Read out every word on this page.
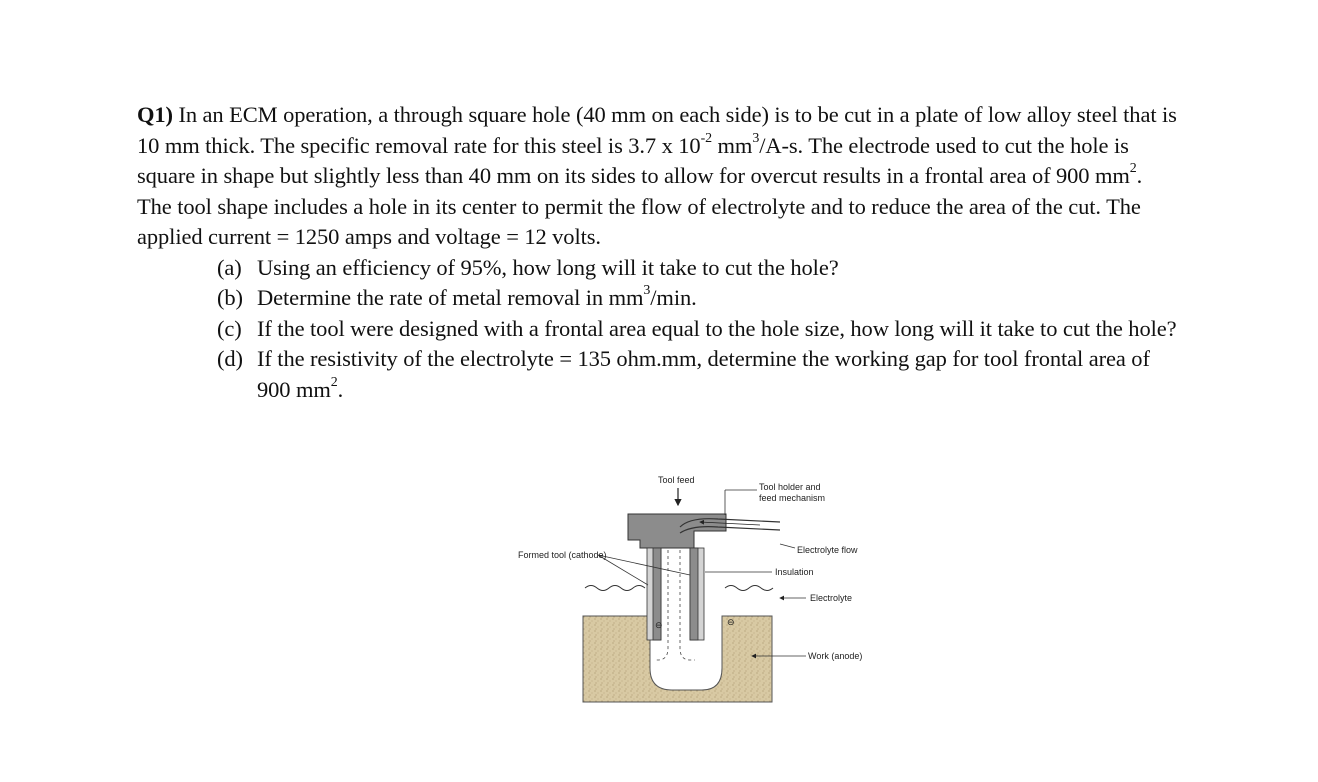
Q1) In an ECM operation, a through square hole (40 mm on each side) is to be cut in a plate of low alloy steel that is 10 mm thick. The specific removal rate for this steel is 3.7 x $10^{-2}$ $mm^3/A-s$. The electrode used to cut the hole is square in shape but slightly less than 40 mm on its sides to allow for overcut results in a frontal area of 900 $mm^2$. The tool shape includes a hole in its center to permit the flow of electrolyte and to reduce the area of the cut. The applied current = 1250 amps and voltage = 12 volts.

(a) Using an efficiency of 95%, how long will it take to cut the hole?
(b) Determine the rate of metal removal in $mm^3/\min$.
(c) If the tool were designed with a frontal area equal to the hole size, how long will it take to cut the hole?
(d) If the resistivity of the electrolyte = 135 ohm.mm, determine the working gap for tool frontal area of 900 $mm^2$.
Tool feed
⊖	⊖
Tool holder and
feed mechanism
Electrolyte flow
Formed tool (cathode)
Insulation
Electrolyte
Work (anode)
